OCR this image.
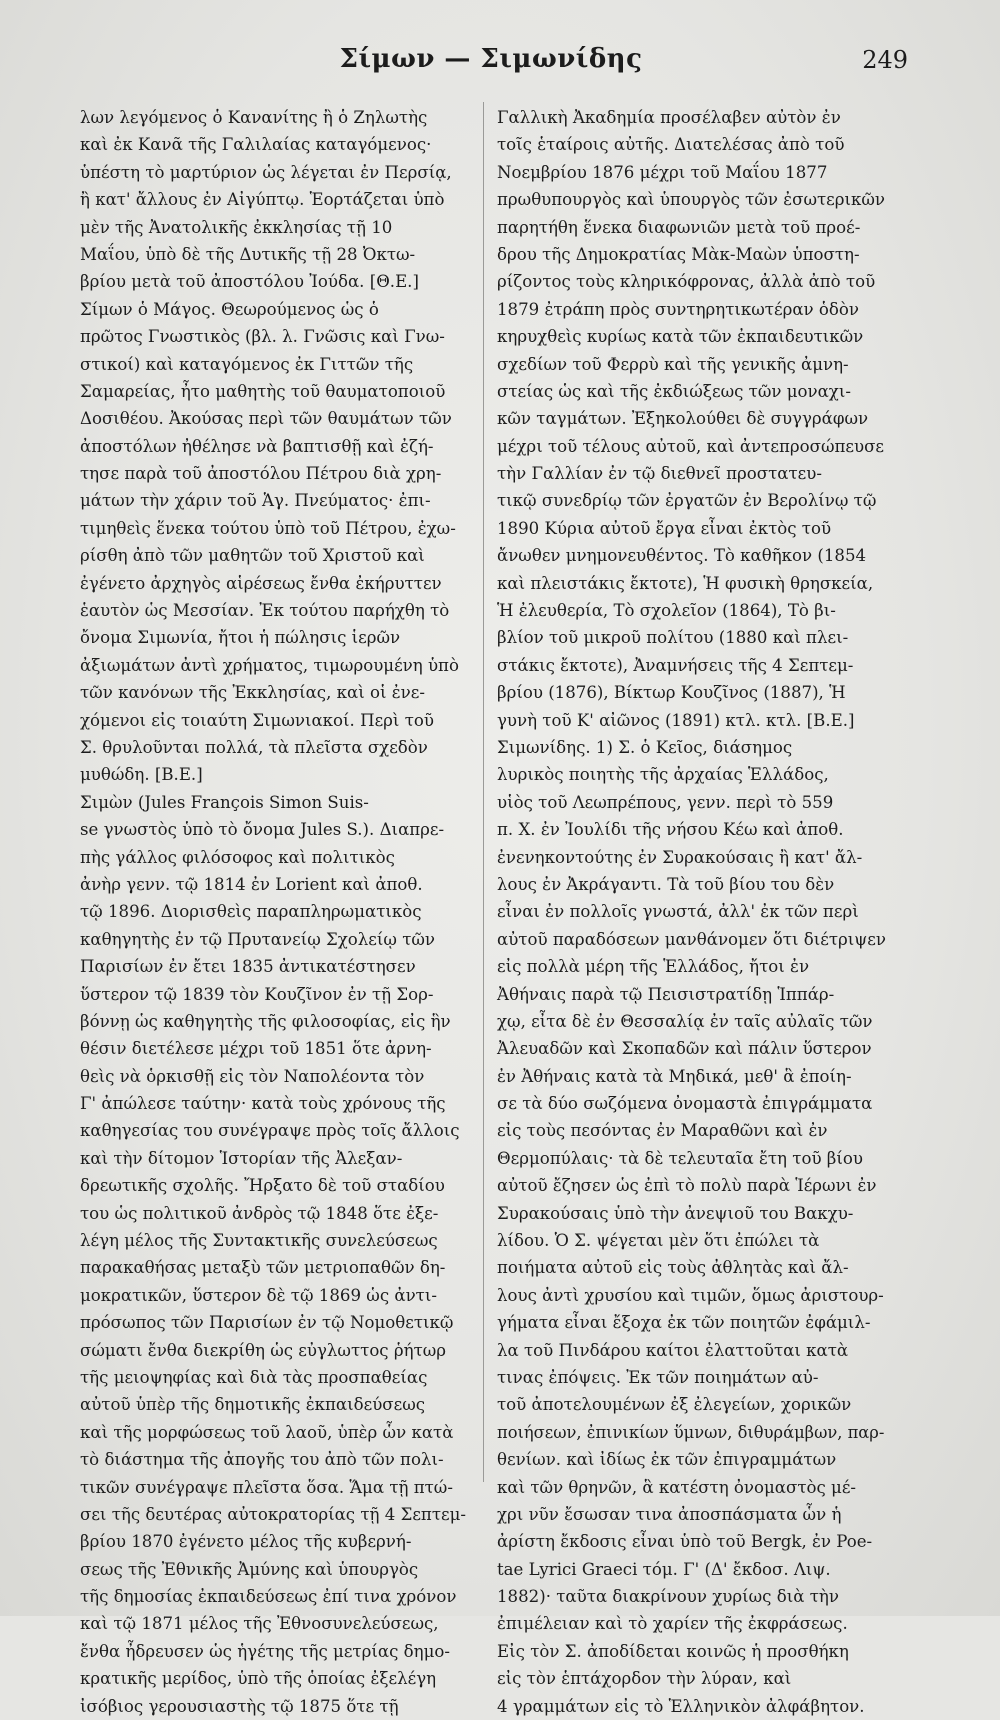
Σίμων — Σιμωνίδης	249
λων λεγόμενος ὁ Κανανίτης ἢ ὁ Ζηλωτὴς
καὶ ἐκ Κανᾶ τῆς Γαλιλαίας καταγόμενος·
ὑπέστη τὸ μαρτύριον ὡς λέγεται ἐν Περσίᾳ,
ἢ κατ' ἄλλους ἐν Αἰγύπτῳ. Ἑορτάζεται ὑπὸ
μὲν τῆς Ἀνατολικῆς ἐκκλησίας τῇ 10
Μαΐου, ὑπὸ δὲ τῆς Δυτικῆς τῇ 28 Ὀκτω-
βρίου μετὰ τοῦ ἀποστόλου Ἰούδα. [Θ.Ε.]
Σίμων ὁ Μάγος. Θεωρούμενος ὡς ὁ
πρῶτος Γνωστικὸς (βλ. λ. Γνῶσις καὶ Γνω-
στικοί) καὶ καταγόμενος ἐκ Γιττῶν τῆς
Σαμαρείας, ἦτο μαθητὴς τοῦ θαυματοποιοῦ
Δοσιθέου. Ἀκούσας περὶ τῶν θαυμάτων τῶν
ἀποστόλων ἠθέλησε νὰ βαπτισθῇ καὶ ἐζή-
τησε παρὰ τοῦ ἀποστόλου Πέτρου διὰ χρη-
μάτων τὴν χάριν τοῦ Ἁγ. Πνεύματος· ἐπι-
τιμηθεὶς ἕνεκα τούτου ὑπὸ τοῦ Πέτρου, ἐχω-
ρίσθη ἀπὸ τῶν μαθητῶν τοῦ Χριστοῦ καὶ
ἐγένετο ἀρχηγὸς αἱρέσεως ἔνθα ἐκήρυττεν
ἑαυτὸν ὡς Μεσσίαν. Ἐκ τούτου παρήχθη τὸ
ὄνομα Σιμωνία, ἤτοι ἡ πώλησις ἱερῶν
ἀξιωμάτων ἀντὶ χρήματος, τιμωρουμένη ὑπὸ
τῶν κανόνων τῆς Ἐκκλησίας, καὶ οἱ ἐνε-
χόμενοι εἰς τοιαύτη Σιμωνιακοί. Περὶ τοῦ
Σ. θρυλοῦνται πολλά, τὰ πλεῖστα σχεδὸν
μυθώδη. [Β.Ε.]
Σιμὼν (Jules François Simon Suis-
se γνωστὸς ὑπὸ τὸ ὄνομα Jules S.). Διαπρε-
πὴς γάλλος φιλόσοφος καὶ πολιτικὸς
ἀνὴρ γενν. τῷ 1814 ἐν Lorient καὶ ἀποθ.
τῷ 1896. Διορισθεὶς παραπληρωματικὸς
καθηγητὴς ἐν τῷ Πρυτανείῳ Σχολείῳ τῶν
Παρισίων ἐν ἔτει 1835 ἀντικατέστησεν
ὕστερον τῷ 1839 τὸν Κουζῖνον ἐν τῇ Σορ-
βόννῃ ὡς καθηγητὴς τῆς φιλοσοφίας, εἰς ἣν
θέσιν διετέλεσε μέχρι τοῦ 1851 ὅτε ἀρνη-
θεὶς νὰ ὁρκισθῇ εἰς τὸν Ναπολέοντα τὸν
Γ' ἀπώλεσε ταύτην· κατὰ τοὺς χρόνους τῆς
καθηγεσίας του συνέγραψε πρὸς τοῖς ἄλλοις
καὶ τὴν δίτομον Ἱστορίαν τῆς Ἀλεξαν-
δρεωτικῆς σχολῆς. Ἤρξατο δὲ τοῦ σταδίου
του ὡς πολιτικοῦ ἀνδρὸς τῷ 1848 ὅτε ἐξε-
λέγη μέλος τῆς Συντακτικῆς συνελεύσεως
παρακαθήσας μεταξὺ τῶν μετριοπαθῶν δη-
μοκρατικῶν, ὕστερον δὲ τῷ 1869 ὡς ἀντι-
πρόσωπος τῶν Παρισίων ἐν τῷ Νομοθετικῷ
σώματι ἔνθα διεκρίθη ὡς εὐγλωττος ῥήτωρ
τῆς μειοψηφίας καὶ διὰ τὰς προσπαθείας
αὐτοῦ ὑπὲρ τῆς δημοτικῆς ἐκπαιδεύσεως
καὶ τῆς μορφώσεως τοῦ λαοῦ, ὑπὲρ ὧν κατὰ
τὸ διάστημα τῆς ἀπογῆς του ἀπὸ τῶν πολι-
τικῶν συνέγραψε πλεῖστα ὅσα. Ἅμα τῇ πτώ-
σει τῆς δευτέρας αὐτοκρατορίας τῇ 4 Σεπτεμ-
βρίου 1870 ἐγένετο μέλος τῆς κυβερνή-
σεως τῆς Ἐθνικῆς Ἀμύνης καὶ ὑπουργὸς
τῆς δημοσίας ἐκπαιδεύσεως ἐπί τινα χρόνον
καὶ τῷ 1871 μέλος τῆς Ἐθνοσυνελεύσεως,
ἔνθα ἦδρευσεν ὡς ἡγέτης τῆς μετρίας δημο-
κρατικῆς μερίδος, ὑπὸ τῆς ὁποίας ἐξελέγη
ἰσόβιος γερουσιαστὴς τῷ 1875 ὅτε τῇ
Γαλλικὴ Ἀκαδημία προσέλαβεν αὐτὸν ἐν
τοῖς ἑταίροις αὐτῆς. Διατελέσας ἀπὸ τοῦ
Νοεμβρίου 1876 μέχρι τοῦ Μαΐου 1877
πρωθυπουργὸς καὶ ὑπουργὸς τῶν ἐσωτερικῶν
παρητήθη ἕνεκα διαφωνιῶν μετὰ τοῦ προέ-
δρου τῆς Δημοκρατίας Μὰκ-Μαὼν ὑποστη-
ρίζοντος τοὺς κληρικόφρονας, ἀλλὰ ἀπὸ τοῦ
1879 ἐτράπη πρὸς συντηρητικωτέραν ὁδὸν
κηρυχθεὶς κυρίως κατὰ τῶν ἐκπαιδευτικῶν
σχεδίων τοῦ Φερρὺ καὶ τῆς γενικῆς ἀμνη-
στείας ὡς καὶ τῆς ἐκδιώξεως τῶν μοναχι-
κῶν ταγμάτων. Ἐξηκολούθει δὲ συγγράφων
μέχρι τοῦ τέλους αὐτοῦ, καὶ ἀντεπροσώπευσε
τὴν Γαλλίαν ἐν τῷ διεθνεῖ προστατευ-
τικῷ συνεδρίῳ τῶν ἐργατῶν ἐν Βερολίνῳ τῷ
1890 Κύρια αὐτοῦ ἔργα εἶναι ἐκτὸς τοῦ
ἄνωθεν μνημονευθέντος. Τὸ καθῆκον (1854
καὶ πλειστάκις ἔκτοτε), Ἡ φυσικὴ θρησκεία,
Ἡ ἐλευθερία, Τὸ σχολεῖον (1864), Τὸ βι-
βλίον τοῦ μικροῦ πολίτου (1880 καὶ πλει-
στάκις ἔκτοτε), Ἀναμνήσεις τῆς 4 Σεπτεμ-
βρίου (1876), Βίκτωρ Κουζῖνος (1887), Ἡ
γυνὴ τοῦ Κ' αἰῶνος (1891) κτλ. κτλ. [Β.Ε.]
Σιμωνίδης. 1) Σ. ὁ Κεῖος, διάσημος
λυρικὸς ποιητὴς τῆς ἀρχαίας Ἑλλάδος,
υἱὸς τοῦ Λεωπρέπους, γενν. περὶ τὸ 559
π. Χ. ἐν Ἰουλίδι τῆς νήσου Κέω καὶ ἀποθ.
ἐνενηκοντούτης ἐν Συρακούσαις ἢ κατ' ἄλ-
λους ἐν Ἀκράγαντι. Τὰ τοῦ βίου του δὲν
εἶναι ἐν πολλοῖς γνωστά, ἀλλ' ἐκ τῶν περὶ
αὐτοῦ παραδόσεων μανθάνομεν ὅτι διέτριψεν
εἰς πολλὰ μέρη τῆς Ἑλλάδος, ἤτοι ἐν
Ἀθήναις παρὰ τῷ Πεισιστρατίδῃ Ἱππάρ-
χῳ, εἶτα δὲ ἐν Θεσσαλίᾳ ἐν ταῖς αὐλαῖς τῶν
Ἀλευαδῶν καὶ Σκοπαδῶν καὶ πάλιν ὕστερον
ἐν Ἀθήναις κατὰ τὰ Μηδικά, μεθ' ἃ ἐποίη-
σε τὰ δύο σωζόμενα ὀνομαστὰ ἐπιγράμματα
εἰς τοὺς πεσόντας ἐν Μαραθῶνι καὶ ἐν
Θερμοπύλαις· τὰ δὲ τελευταῖα ἔτη τοῦ βίου
αὐτοῦ ἔζησεν ὡς ἐπὶ τὸ πολὺ παρὰ Ἱέρωνι ἐν
Συρακούσαις ὑπὸ τὴν ἀνεψιοῦ του Βακχυ-
λίδου. Ὁ Σ. ψέγεται μὲν ὅτι ἐπώλει τὰ
ποιήματα αὐτοῦ εἰς τοὺς ἀθλητὰς καὶ ἄλ-
λους ἀντὶ χρυσίου καὶ τιμῶν, ὅμως ἀριστουρ-
γήματα εἶναι ἔξοχα ἐκ τῶν ποιητῶν ἐφάμιλ-
λα τοῦ Πινδάρου καίτοι ἐλαττοῦται κατὰ
τινας ἐπόψεις. Ἐκ τῶν ποιημάτων αὐ-
τοῦ ἀποτελουμένων ἐξ ἐλεγείων, χορικῶν
ποιήσεων, ἐπινικίων ὕμνων, διθυράμβων, παρ-
θενίων. καὶ ἰδίως ἐκ τῶν ἐπιγραμμάτων
καὶ τῶν θρηνῶν, ἃ κατέστη ὀνομαστὸς μέ-
χρι νῦν ἔσωσαν τινα ἀποσπάσματα ὧν ἡ
ἀρίστη ἔκδοσις εἶναι ὑπὸ τοῦ Bergk, ἐν Poe-
tae Lyrici Graeci τόμ. Γ' (Δ' ἔκδοσ. Λιψ.
1882)· ταῦτα διακρίνουν χυρίως διὰ τὴν
ἐπιμέλειαν καὶ τὸ χαρίεν τῆς ἐκφράσεως.
Εἰς τὸν Σ. ἀποδίδεται κοινῶς ἡ προσθήκη
εἰς τὸν ἑπτάχορδον τὴν λύραν, καὶ
4 γραμμάτων εἰς τὸ Ἑλληνικὸν ἀλφάβητον.
